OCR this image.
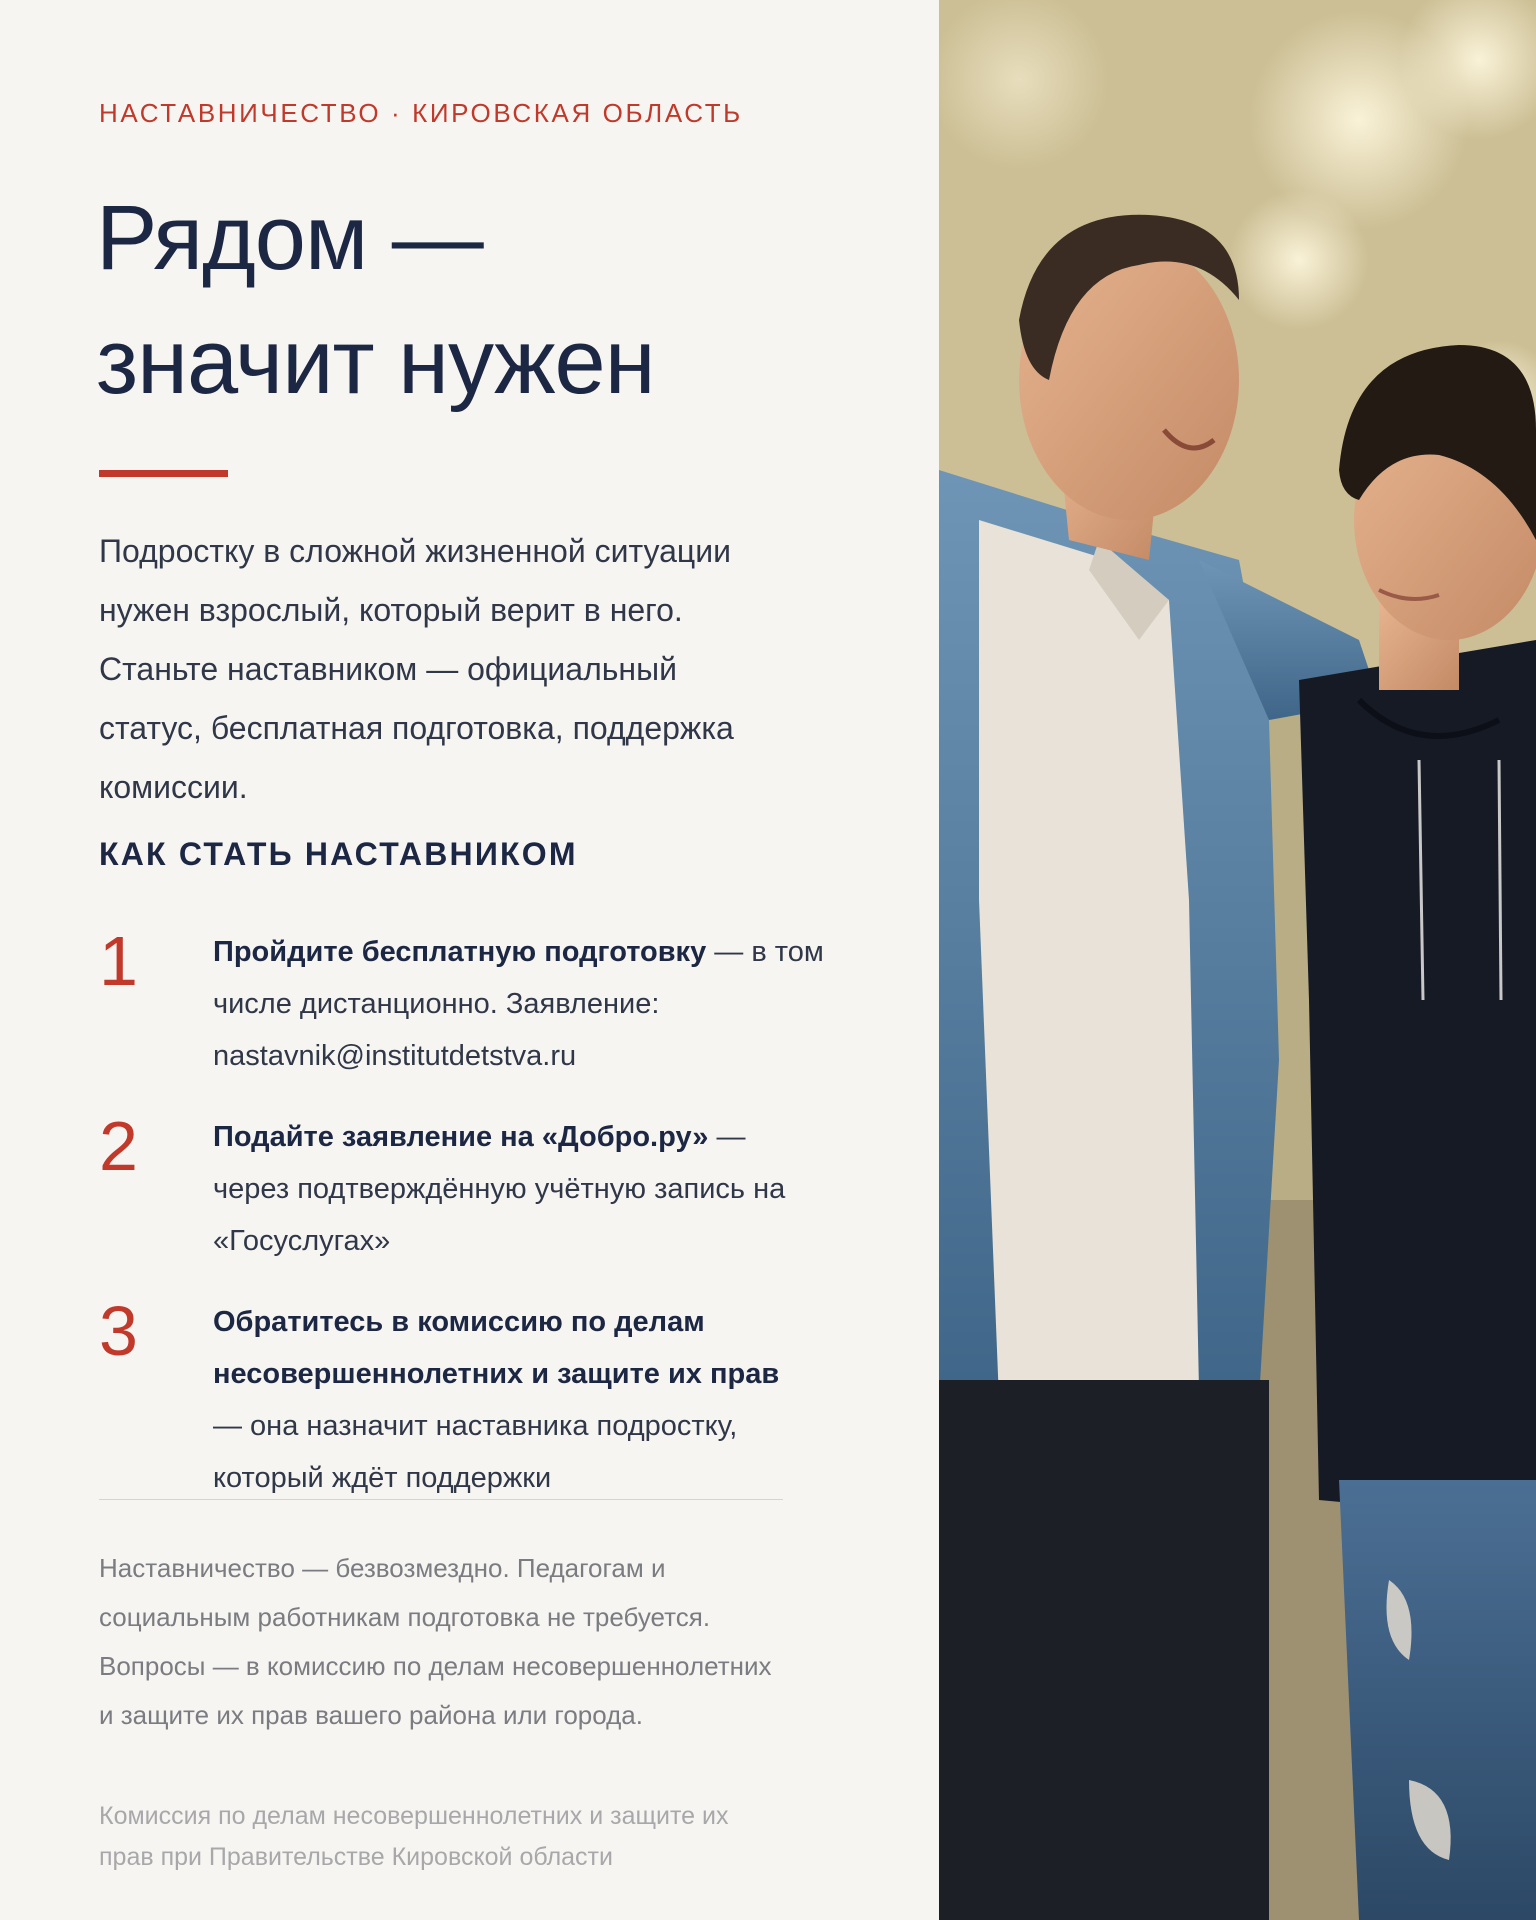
НАСТАВНИЧЕСТВО · КИРОВСКАЯ ОБЛАСТЬ
Рядом —
значит нужен

Подростку в сложной жизненной ситуации
нужен взрослый, который верит в него.
Станьте наставником — официальный
статус, бесплатная подготовка, поддержка
комиссии.

КАК СТАТЬ НАСТАВНИКОМ
1	Пройдите бесплатную подготовку — в том
числе дистанционно. Заявление:
nastavnik@institutdetstva.ru
2	Подайте заявление на «Добро.ру» —
через подтверждённую учётную запись на
«Госуслугах»
3	Обратитесь в комиссию по делам
несовершеннолетних и защите их прав
— она назначит наставника подростку,
который ждёт поддержки

Наставничество — безвозмездно. Педагогам и
социальным работникам подготовка не требуется.
Вопросы — в комиссию по делам несовершеннолетних
и защите их прав вашего района или города.

Комиссия по делам несовершеннолетних и защите их
прав при Правительстве Кировской области
